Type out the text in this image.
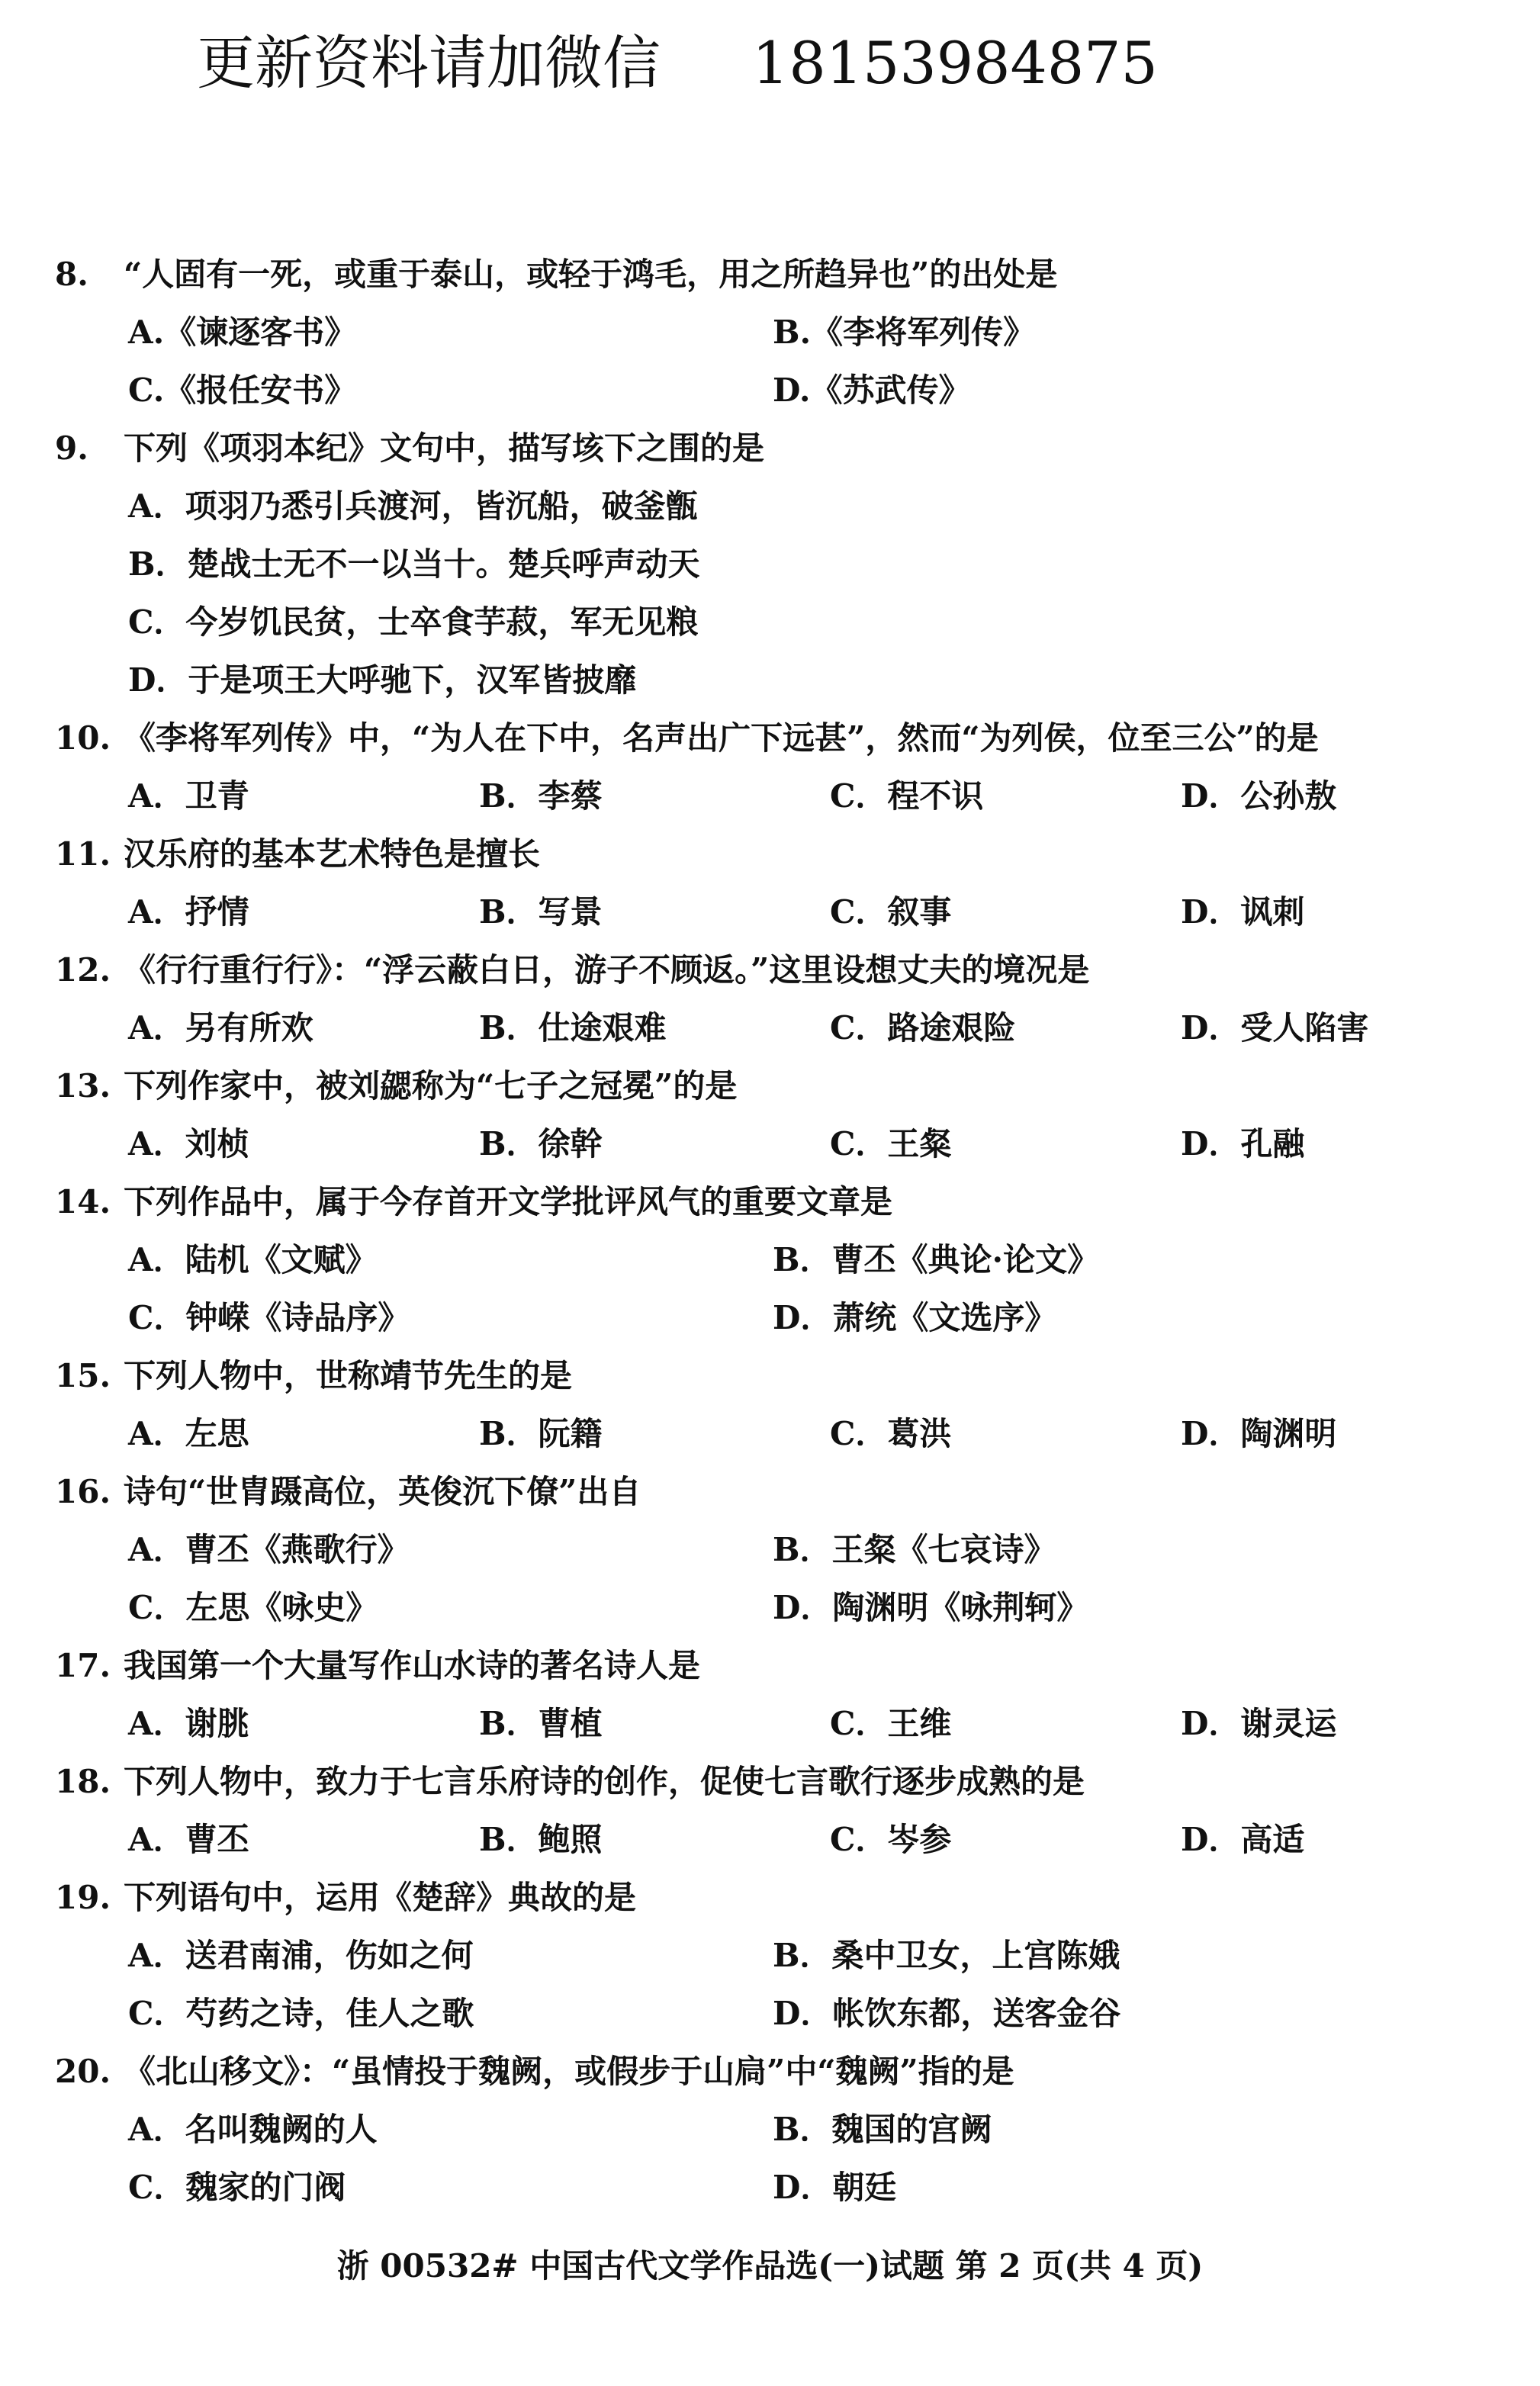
更新资料请加微信 18153984875
8.	“人固有一死，或重于泰山，或轻于鸿毛，用之所趋异也”的出处是
A.《谏逐客书》	B.《李将军列传》
C.《报任安书》	D.《苏武传》
9.	下列《项羽本纪》文句中，描写垓下之围的是
A．项羽乃悉引兵渡河，皆沉船，破釜甑
B．楚战士无不一以当十。楚兵呼声动天
C．今岁饥民贫，士卒食芋菽，军无见粮
D．于是项王大呼驰下，汉军皆披靡
10. 《李将军列传》中，“为人在下中，名声出广下远甚”，然而“为列侯，位至三公”的是
A．卫青	B．李蔡	C．程不识	D．公孙敖
11. 汉乐府的基本艺术特色是擅长
A．抒情	B．写景	C．叙事	D．讽刺
12. 《行行重行行》：“浮云蔽白日，游子不顾返。”这里设想丈夫的境况是
A．另有所欢	B．仕途艰难	C．路途艰险	D．受人陷害
13. 下列作家中，被刘勰称为“七子之冠冕”的是
A．刘桢	B．徐幹	C．王粲	D．孔融
14. 下列作品中，属于今存首开文学批评风气的重要文章是
A．陆机《文赋》	B．曹丕《典论·论文》
C．钟嵘《诗品序》	D．萧统《文选序》
15. 下列人物中，世称靖节先生的是
A．左思	B．阮籍	C．葛洪	D．陶渊明
16. 诗句“世胄蹑高位，英俊沉下僚”出自
A．曹丕《燕歌行》	B．王粲《七哀诗》
C．左思《咏史》	D．陶渊明《咏荆轲》
17. 我国第一个大量写作山水诗的著名诗人是
A．谢朓	B．曹植	C．王维	D．谢灵运
18. 下列人物中，致力于七言乐府诗的创作，促使七言歌行逐步成熟的是
A．曹丕	B．鲍照	C．岑参	D．高适
19. 下列语句中，运用《楚辞》典故的是
A．送君南浦，伤如之何	B．桑中卫女，上宫陈娥
C．芍药之诗，佳人之歌	D．帐饮东都，送客金谷
20. 《北山移文》：“虽情投于魏阙，或假步于山扃”中“魏阙”指的是
A．名叫魏阙的人	B．魏国的宫阙
C．魏家的门阀	D．朝廷
浙 00532# 中国古代文学作品选(一)试题 第 2 页(共 4 页)
